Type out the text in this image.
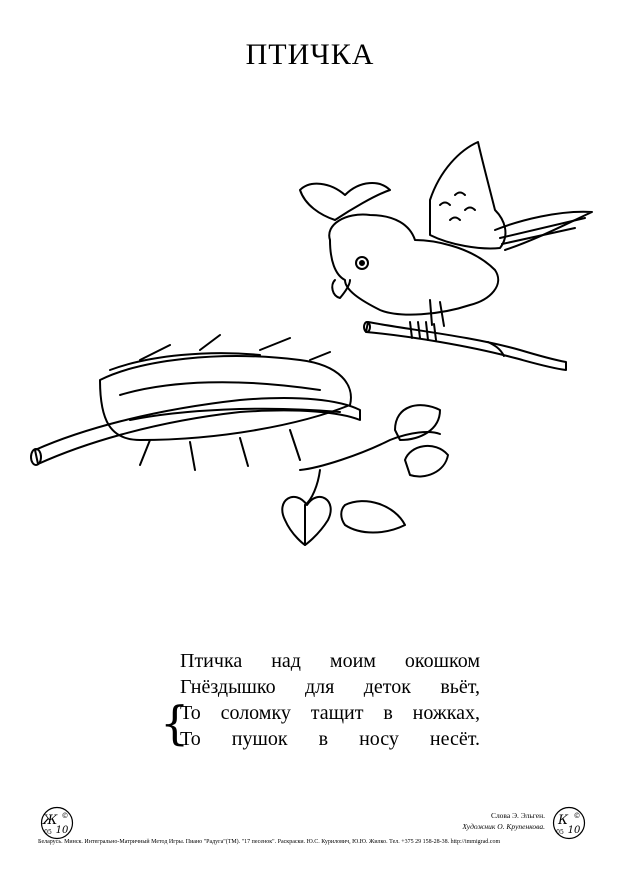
ПТИЧКА
Птичка над моим окошком
Гнёздышко для деток вьёт,
То соломку тащит в ножках,
То пушок в носу несёт.
{
Слова Э. Эльген.
Художник О. Крупенкова.
Ж
10
©
05
К
10
©
05
Беларусь. Минск. Интегрально-Матричный Метод Игры. Пиано "Радуга"(ТМ). "17 песенок". Раскраски. Ю.С. Курилович, Ю.Ю. Жилко. Тел. +375 29 158-28-38. http://immigrad.com
